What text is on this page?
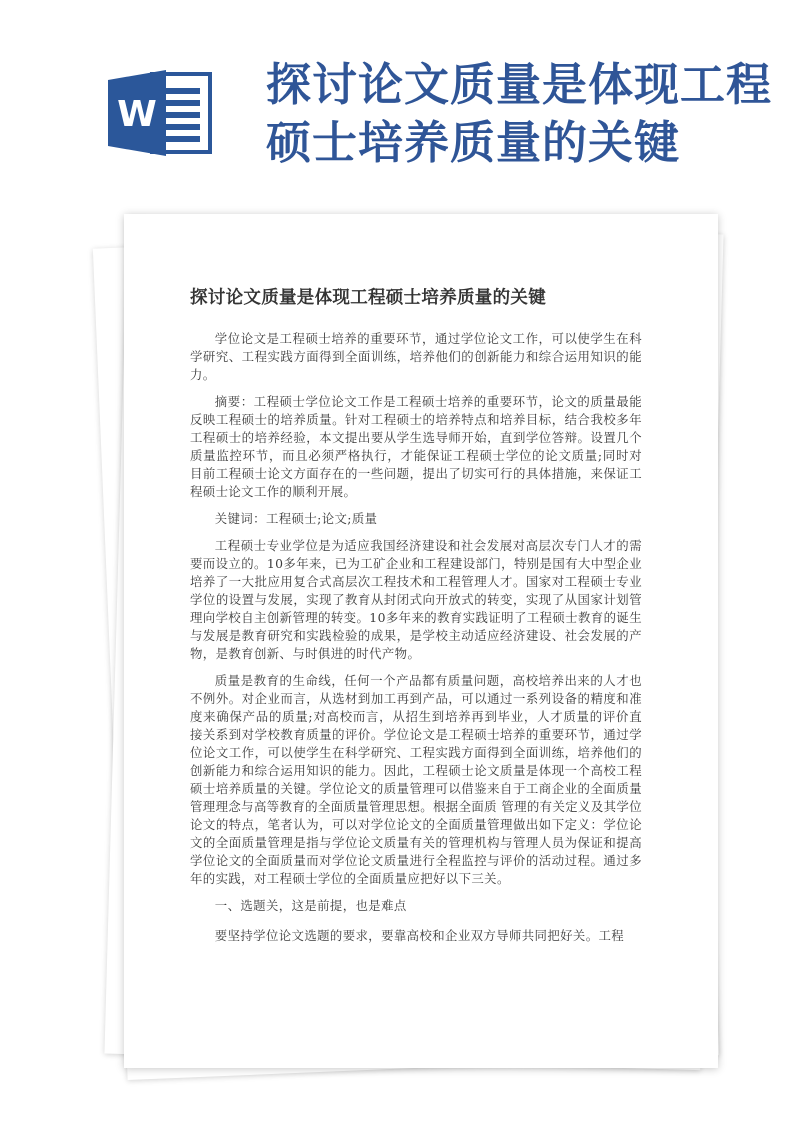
W
探讨论文质量是体现工程硕士培养质量的关键
探讨论文质量是体现工程硕士培养质量的关键

学位论文是工程硕士培养的重要环节，通过学位论文工作，可以使学生在科学研究、工程实践方面得到全面训练，培养他们的创新能力和综合运用知识的能力。

摘要：工程硕士学位论文工作是工程硕士培养的重要环节，论文的质量最能反映工程硕士的培养质量。针对工程硕士的培养特点和培养目标，结合我校多年工程硕士的培养经验，本文提出要从学生选导师开始，直到学位答辩。设置几个质量监控环节，而且必须严格执行，才能保证工程硕士学位的论文质量;同时对目前工程硕士论文方面存在的一些问题，提出了切实可行的具体措施，来保证工程硕士论文工作的顺利开展。

关键词：工程硕士;论文;质量

工程硕士专业学位是为适应我国经济建设和社会发展对高层次专门人才的需要而设立的。10多年来，已为工矿企业和工程建设部门，特别是国有大中型企业培养了一大批应用复合式高层次工程技术和工程管理人才。国家对工程硕士专业学位的设置与发展，实现了教育从封闭式向开放式的转变，实现了从国家计划管理向学校自主创新管理的转变。10多年来的教育实践证明了工程硕士教育的诞生与发展是教育研究和实践检验的成果，是学校主动适应经济建设、社会发展的产物，是教育创新、与时俱进的时代产物。

质量是教育的生命线，任何一个产品都有质量问题，高校培养出来的人才也不例外。对企业而言，从选材到加工再到产品，可以通过一系列设备的精度和准度来确保产品的质量;对高校而言，从招生到培养再到毕业，人才质量的评价直接关系到对学校教育质量的评价。学位论文是工程硕士培养的重要环节，通过学位论文工作，可以使学生在科学研究、工程实践方面得到全面训练，培养他们的创新能力和综合运用知识的能力。因此，工程硕士论文质量是体现一个高校工程硕士培养质量的关键。学位论文的质量管理可以借鉴来自于工商企业的全面质量管理理念与高等教育的全面质量管理思想。根据全面质 管理的有关定义及其学位论文的特点，笔者认为，可以对学位论文的全面质量管理做出如下定义：学位论文的全面质量管理是指与学位论文质量有关的管理机构与管理人员为保证和提高学位论文的全面质量而对学位论文质量进行全程监控与评价的活动过程。通过多年的实践，对工程硕士学位的全面质量应把好以下三关。

一、选题关，这是前提，也是难点

要坚持学位论文选题的要求，要靠高校和企业双方导师共同把好关。工程
